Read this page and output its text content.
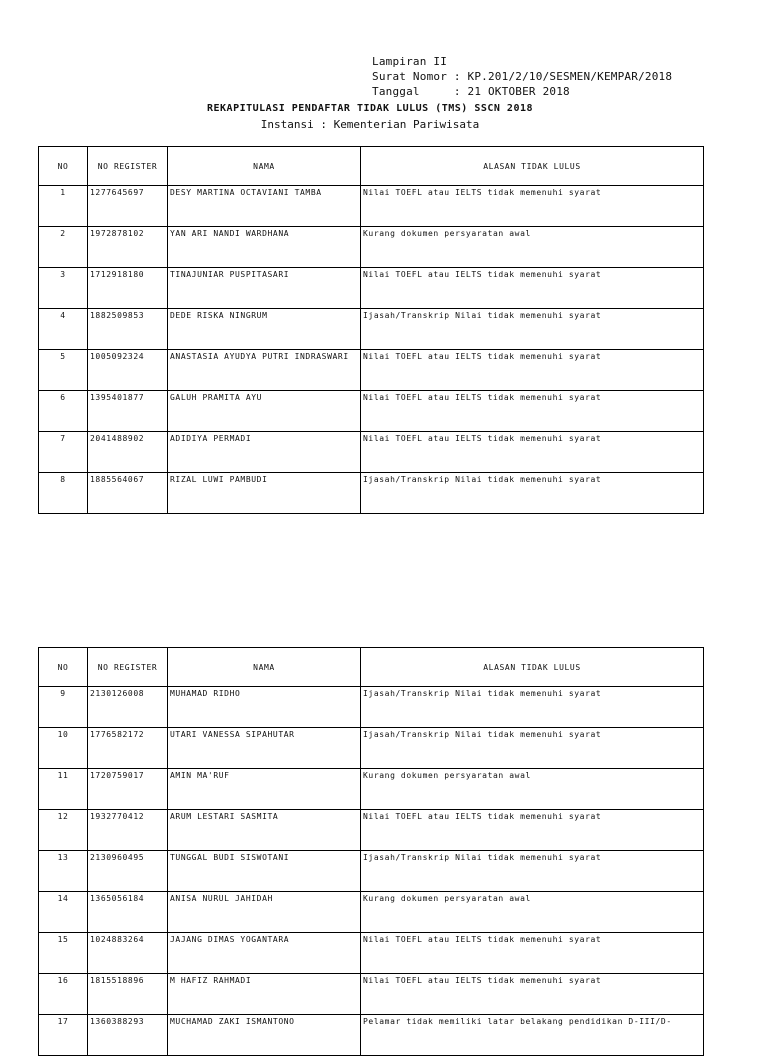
Lampiran II
Surat Nomor : KP.201/2/10/SESMEN/KEMPAR/2018
Tanggal     : 21 OKTOBER 2018
REKAPITULASI PENDAFTAR TIDAK LULUS (TMS) SSCN 2018
Instansi : Kementerian Pariwisata
NO	NO REGISTER	NAMA	ALASAN TIDAK LULUS
1	1277645697	DESY MARTINA OCTAVIANI TAMBA	Nilai TOEFL atau IELTS tidak memenuhi syarat
2	1972878102	YAN ARI NANDI WARDHANA	Kurang dokumen persyaratan awal
3	1712918180	TINAJUNIAR PUSPITASARI	Nilai TOEFL atau IELTS tidak memenuhi syarat
4	1882509853	DEDE RISKA NINGRUM	Ijasah/Transkrip Nilai tidak memenuhi syarat
5	1005092324	ANASTASIA AYUDYA PUTRI INDRASWARI	Nilai TOEFL atau IELTS tidak memenuhi syarat
6	1395401877	GALUH PRAMITA AYU	Nilai TOEFL atau IELTS tidak memenuhi syarat
7	2041488902	ADIDIYA PERMADI	Nilai TOEFL atau IELTS tidak memenuhi syarat
8	1885564067	RIZAL LUWI PAMBUDI	Ijasah/Transkrip Nilai tidak memenuhi syarat
NO	NO REGISTER	NAMA	ALASAN TIDAK LULUS
9	2130126008	MUHAMAD RIDHO	Ijasah/Transkrip Nilai tidak memenuhi syarat
10	1776582172	UTARI VANESSA SIPAHUTAR	Ijasah/Transkrip Nilai tidak memenuhi syarat
11	1720759017	AMIN MA'RUF	Kurang dokumen persyaratan awal
12	1932770412	ARUM LESTARI SASMITA	Nilai TOEFL atau IELTS tidak memenuhi syarat
13	2130960495	TUNGGAL BUDI SISWOTANI	Ijasah/Transkrip Nilai tidak memenuhi syarat
14	1365056184	ANISA NURUL JAHIDAH	Kurang dokumen persyaratan awal
15	1024883264	JAJANG DIMAS YOGANTARA	Nilai TOEFL atau IELTS tidak memenuhi syarat
16	1815518896	M HAFIZ RAHMADI	Nilai TOEFL atau IELTS tidak memenuhi syarat
17	1360388293	MUCHAMAD ZAKI ISMANTONO	Pelamar tidak memiliki latar belakang pendidikan D-III/D-
